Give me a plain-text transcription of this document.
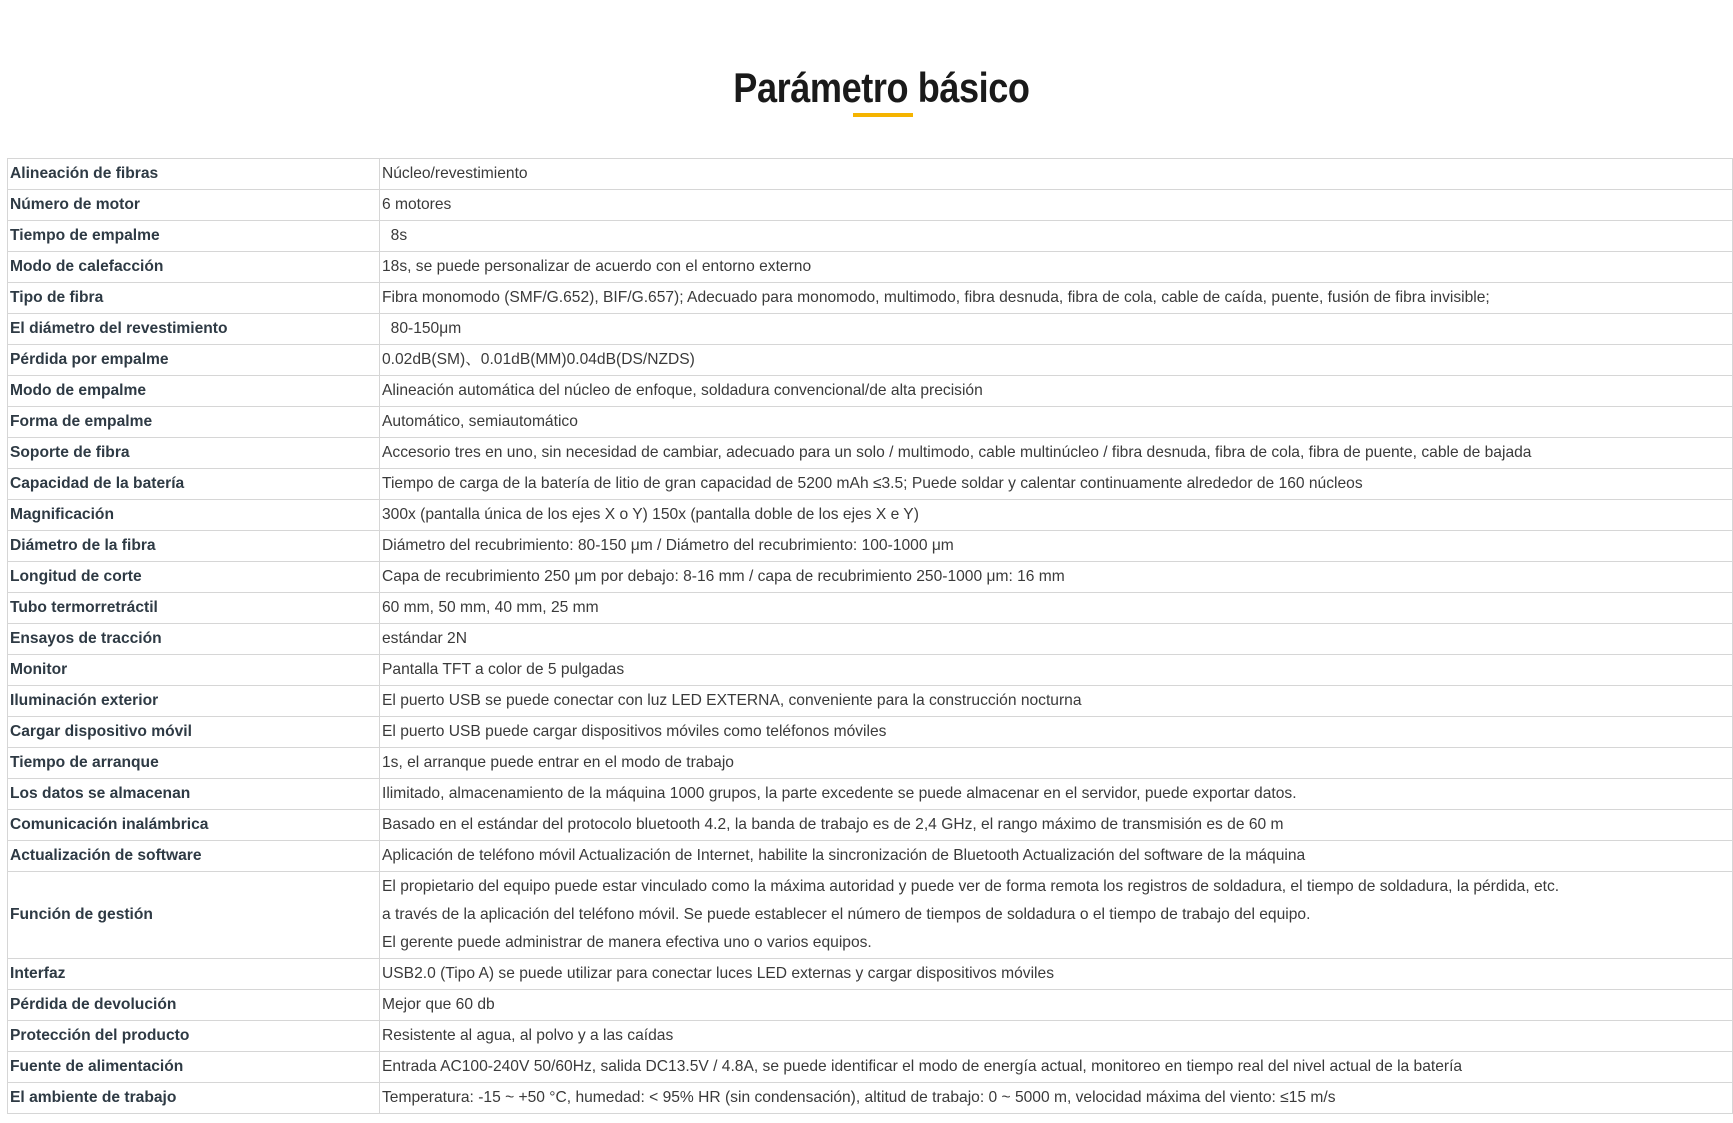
Parámetro básico
Alineación de fibras	Núcleo/revestimiento
Número de motor	6 motores
Tiempo de empalme	8s
Modo de calefacción	18s, se puede personalizar de acuerdo con el entorno externo
Tipo de fibra	Fibra monomodo (SMF/G.652), BIF/G.657); Adecuado para monomodo, multimodo, fibra desnuda, fibra de cola, cable de caída, puente, fusión de fibra invisible;
El diámetro del revestimiento	80-150μm
Pérdida por empalme	0.02dB(SM)、0.01dB(MM)0.04dB(DS/NZDS)
Modo de empalme	Alineación automática del núcleo de enfoque, soldadura convencional/de alta precisión
Forma de empalme	Automático, semiautomático
Soporte de fibra	Accesorio tres en uno, sin necesidad de cambiar, adecuado para un solo / multimodo, cable multinúcleo / fibra desnuda, fibra de cola, fibra de puente, cable de bajada
Capacidad de la batería	Tiempo de carga de la batería de litio de gran capacidad de 5200 mAh ≤3.5; Puede soldar y calentar continuamente alrededor de 160 núcleos
Magnificación	300x (pantalla única de los ejes X o Y) 150x (pantalla doble de los ejes X e Y)
Diámetro de la fibra	Diámetro del recubrimiento: 80-150 μm / Diámetro del recubrimiento: 100-1000 μm
Longitud de corte	Capa de recubrimiento 250 μm por debajo: 8-16 mm / capa de recubrimiento 250-1000 μm: 16 mm
Tubo termorretráctil	60 mm, 50 mm, 40 mm, 25 mm
Ensayos de tracción	estándar 2N
Monitor	Pantalla TFT a color de 5 pulgadas
Iluminación exterior	El puerto USB se puede conectar con luz LED EXTERNA, conveniente para la construcción nocturna
Cargar dispositivo móvil	El puerto USB puede cargar dispositivos móviles como teléfonos móviles
Tiempo de arranque	1s, el arranque puede entrar en el modo de trabajo
Los datos se almacenan	Ilimitado, almacenamiento de la máquina 1000 grupos, la parte excedente se puede almacenar en el servidor, puede exportar datos.
Comunicación inalámbrica	Basado en el estándar del protocolo bluetooth 4.2, la banda de trabajo es de 2,4 GHz, el rango máximo de transmisión es de 60 m
Actualización de software	Aplicación de teléfono móvil Actualización de Internet, habilite la sincronización de Bluetooth Actualización del software de la máquina
Función de gestión	El propietario del equipo puede estar vinculado como la máxima autoridad y puede ver de forma remota los registros de soldadura, el tiempo de soldadura, la pérdida, etc.
a través de la aplicación del teléfono móvil. Se puede establecer el número de tiempos de soldadura o el tiempo de trabajo del equipo.
El gerente puede administrar de manera efectiva uno o varios equipos.

Interfaz	USB2.0 (Tipo A) se puede utilizar para conectar luces LED externas y cargar dispositivos móviles
Pérdida de devolución	Mejor que 60 db
Protección del producto	Resistente al agua, al polvo y a las caídas
Fuente de alimentación	Entrada AC100-240V 50/60Hz, salida DC13.5V / 4.8A, se puede identificar el modo de energía actual, monitoreo en tiempo real del nivel actual de la batería
El ambiente de trabajo	Temperatura: -15 ~ +50 °C, humedad: < 95% HR (sin condensación), altitud de trabajo: 0 ~ 5000 m, velocidad máxima del viento: ≤15 m/s
